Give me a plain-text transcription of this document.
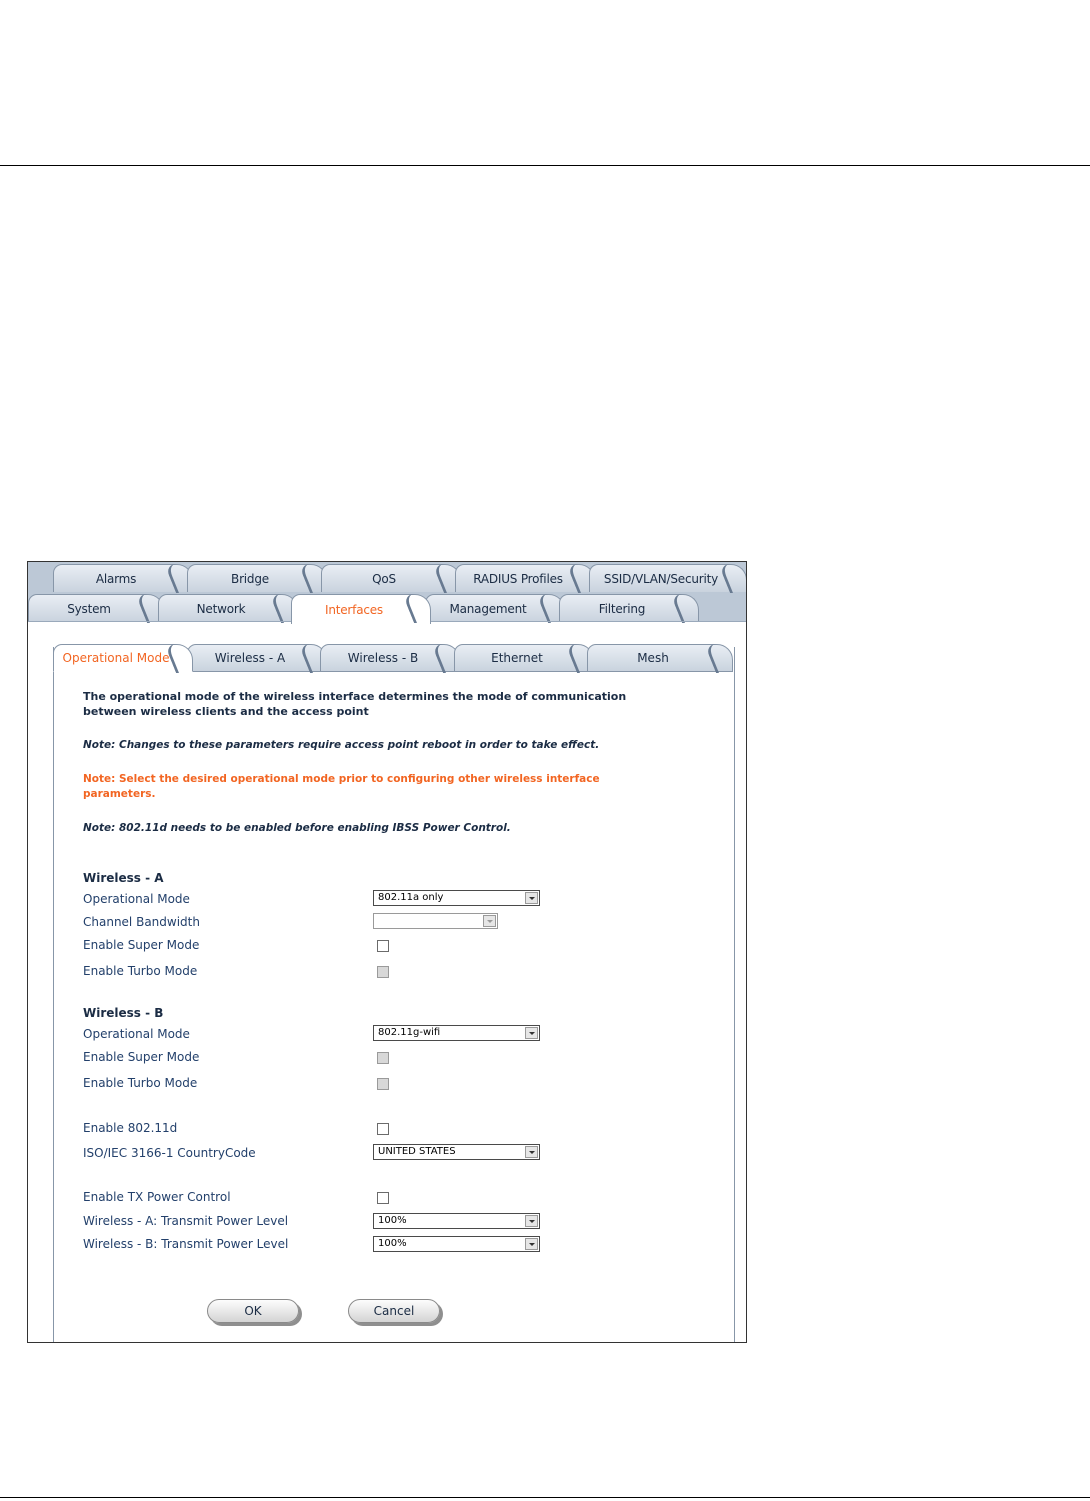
Alarms	Bridge	QoS	RADIUS Profiles	SSID/VLAN/Security
System	Network	Interfaces	Management	Filtering
Operational Mode	Wireless - A	Wireless - B	Ethernet	Mesh
The operational mode of the wireless interface determines the mode of communication between wireless clients and the access point
Note: Changes to these parameters require access point reboot in order to take effect.
Note: Select the desired operational mode prior to configuring other wireless interface parameters.
Note: 802.11d needs to be enabled before enabling IBSS Power Control.
Wireless - A
Operational Mode	802.11a only
Channel Bandwidth
Enable Super Mode
Enable Turbo Mode
Wireless - B
Operational Mode	802.11g-wifi
Enable Super Mode
Enable Turbo Mode
Enable 802.11d
ISO/IEC 3166-1 CountryCode	UNITED STATES
Enable TX Power Control
Wireless - A: Transmit Power Level	100%
Wireless - B: Transmit Power Level	100%
OK	Cancel
